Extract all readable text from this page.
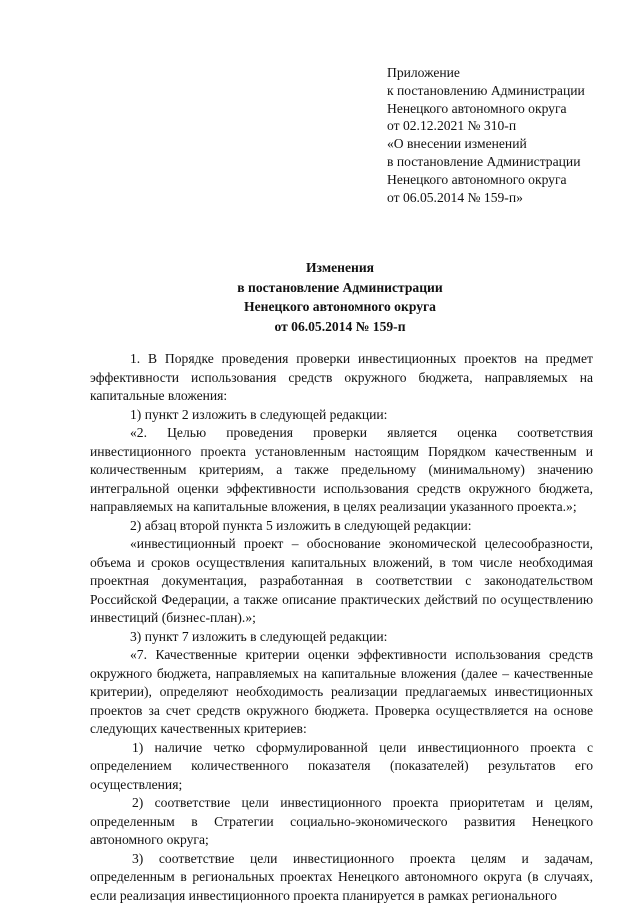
Приложение
к постановлению Администрации
Ненецкого автономного округа
от 02.12.2021 № 310-п
«О внесении изменений
в постановление Администрации
Ненецкого автономного округа
от 06.05.2014 № 159-п»
Изменения
в постановление Администрации
Ненецкого автономного округа
от 06.05.2014 № 159-п

1. В Порядке проведения проверки инвестиционных проектов на предмет эффективности использования средств окружного бюджета, направляемых на капитальные вложения:

1) пункт 2 изложить в следующей редакции:

«2. Целью проведения проверки является оценка соответствия инвестиционного проекта установленным настоящим Порядком качественным и количественным критериям, а также предельному (минимальному) значению интегральной оценки эффективности использования средств окружного бюджета, направляемых на капитальные вложения, в целях реализации указанного проекта.»;

2) абзац второй пункта 5 изложить в следующей редакции:

«инвестиционный проект – обоснование экономической целесообразности, объема и сроков осуществления капитальных вложений, в том числе необходимая проектная документация, разработанная в соответствии с законодательством Российской Федерации, а также описание практических действий по осуществлению инвестиций (бизнес-план).»;

3) пункт 7 изложить в следующей редакции:

«7. Качественные критерии оценки эффективности использования средств окружного бюджета, направляемых на капитальные вложения (далее – качественные критерии), определяют необходимость реализации предлагаемых инвестиционных проектов за счет средств окружного бюджета. Проверка осуществляется на основе следующих качественных критериев:

1) наличие четко сформулированной цели инвестиционного проекта с определением количественного показателя (показателей) результатов его осуществления;

2) соответствие цели инвестиционного проекта приоритетам и целям, определенным в Стратегии социально-экономического развития Ненецкого автономного округа;

3) соответствие цели инвестиционного проекта целям и задачам, определенным в региональных проектах Ненецкого автономного округа (в случаях, если реализация инвестиционного проекта планируется в рамках регионального
